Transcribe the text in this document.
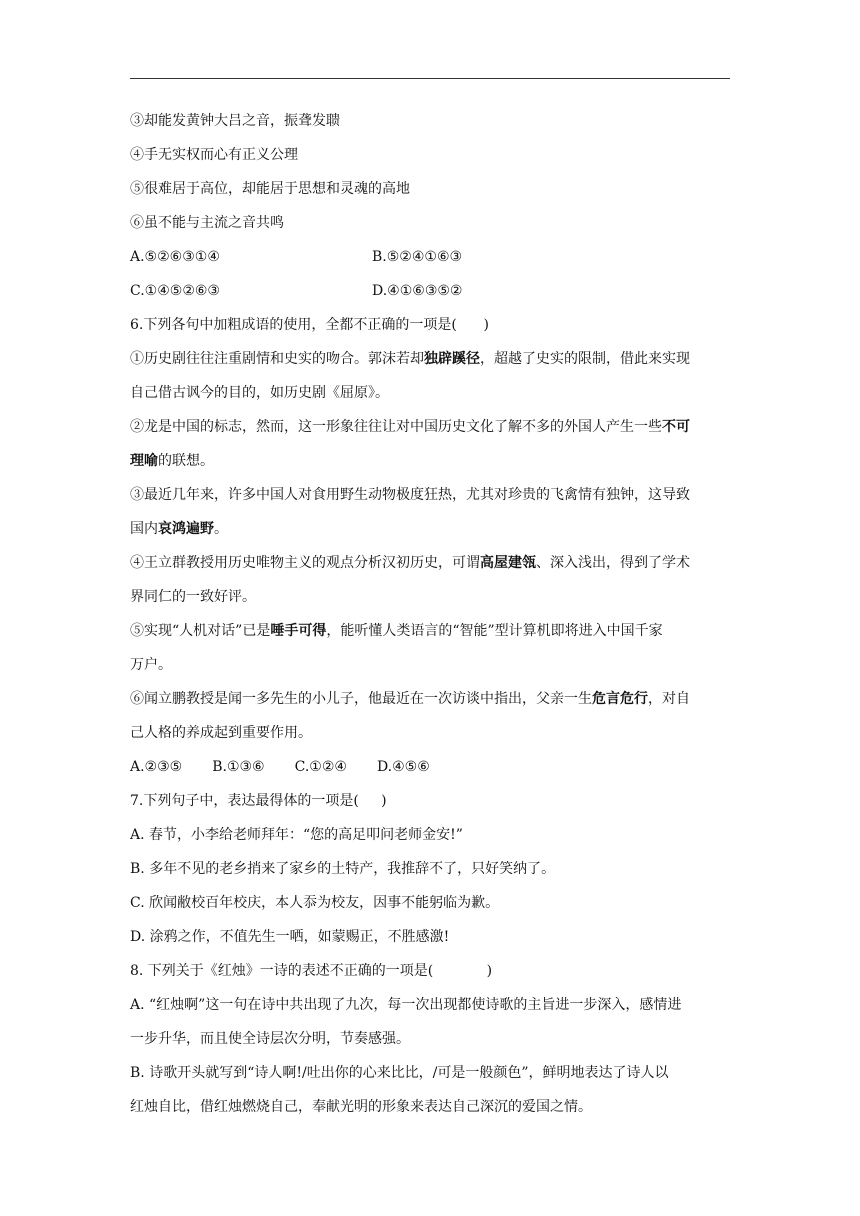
③却能发黄钟大吕之音，振聋发聩
④手无实权而心有正义公理
⑤很难居于高位，却能居于思想和灵魂的高地
⑥虽不能与主流之音共鸣
A.⑤②⑥③①④	B.⑤②④①⑥③
C.①④⑤②⑥③	D.④①⑥③⑤②
6.下列各句中加粗成语的使用，全都不正确的一项是(      )
①历史剧往往注重剧情和史实的吻合。郭沫若却独辟蹊径，超越了史实的限制，借此来实现
自己借古讽今的目的，如历史剧《屈原》。
②龙是中国的标志，然而，这一形象往往让对中国历史文化了解不多的外国人产生一些不可
理喻的联想。
③最近几年来，许多中国人对食用野生动物极度狂热，尤其对珍贵的飞禽情有独钟，这导致
国内哀鸿遍野。
④王立群教授用历史唯物主义的观点分析汉初历史，可谓高屋建瓴、深入浅出，得到了学术
界同仁的一致好评。
⑤实现“人机对话”已是唾手可得，能听懂人类语言的“智能”型计算机即将进入中国千家
万户。
⑥闻立鹏教授是闻一多先生的小儿子，他最近在一次访谈中指出，父亲一生危言危行，对自
己人格的养成起到重要作用。
A.②③⑤ B.①③⑥ C.①②④ D.④⑤⑥
7.下列句子中，表达最得体的一项是(     )
A. 春节，小李给老师拜年：“您的高足叩问老师金安!”
B. 多年不见的老乡捎来了家乡的土特产，我推辞不了，只好笑纳了。
C. 欣闻敝校百年校庆，本人忝为校友，因事不能躬临为歉。
D. 涂鸦之作，不值先生一哂，如蒙赐正，不胜感激!
8. 下列关于《红烛》一诗的表述不正确的一项是(            )
A. “红烛啊”这一句在诗中共出现了九次，每一次出现都使诗歌的主旨进一步深入，感情进
一步升华，而且使全诗层次分明，节奏感强。
B. 诗歌开头就写到“诗人啊!/吐出你的心来比比，/可是一般颜色”，鲜明地表达了诗人以
红烛自比，借红烛燃烧自己，奉献光明的形象来表达自己深沉的爱国之情。
